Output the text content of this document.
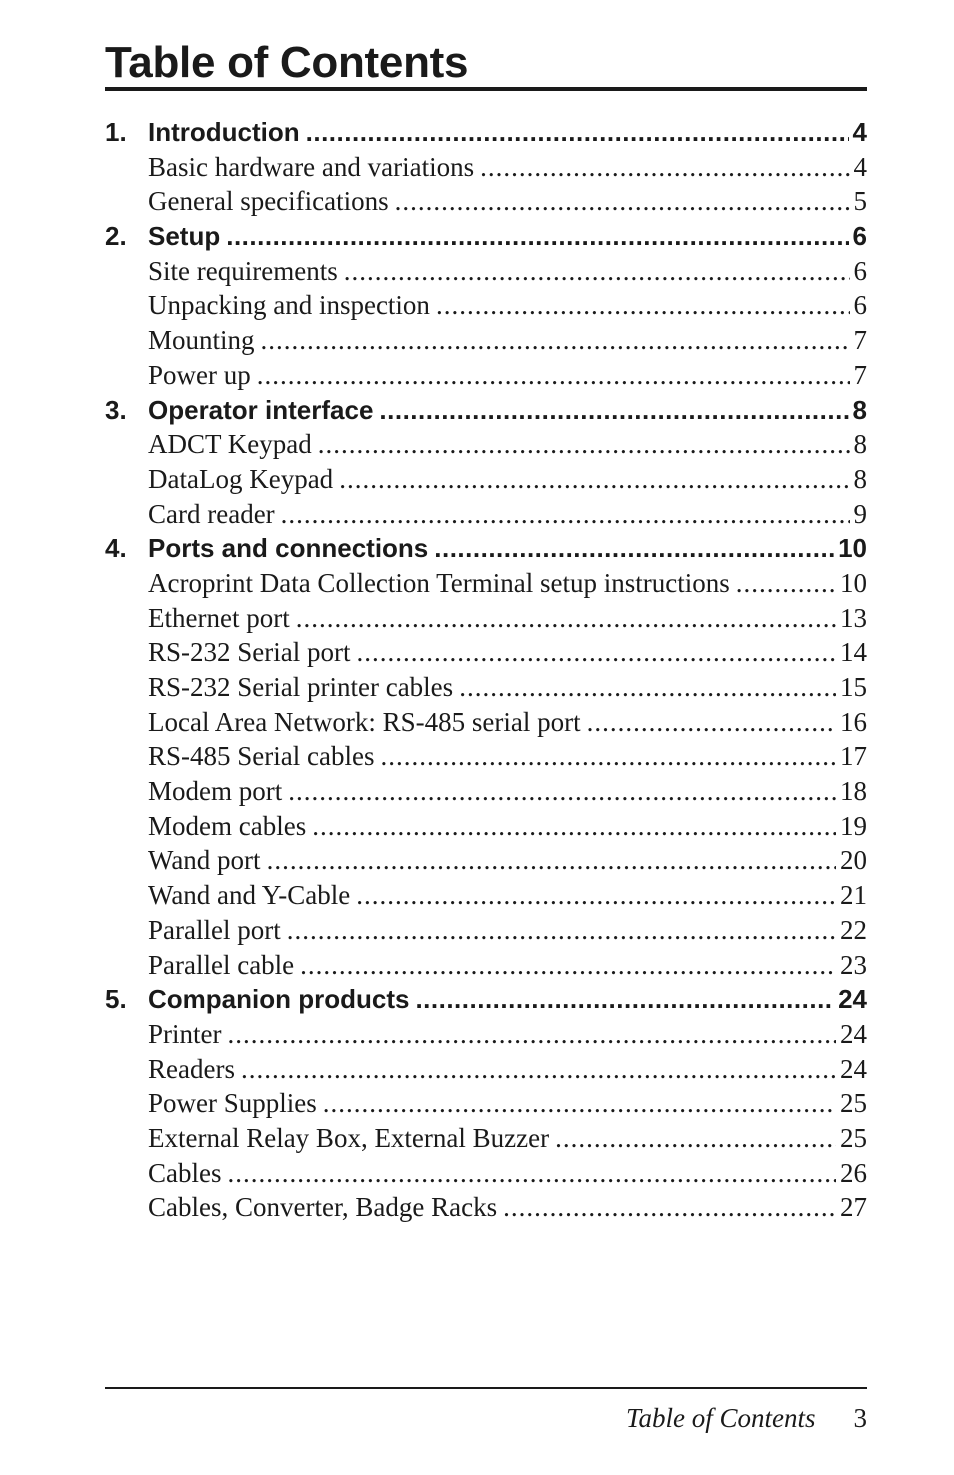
Table of Contents
1. Introduction .....	4
Basic hardware and variations .....	4
General specifications .....	5
2. Setup .....	6
Site requirements .....	6
Unpacking and inspection .....	6
Mounting .....	7
Power up .....	7
3. Operator interface .....	8
ADCT Keypad .....	8
DataLog Keypad .....	8
Card reader .....	9
4. Ports and connections .....	10
Acroprint Data Collection Terminal setup instructions .....	10
Ethernet port .....	13
RS-232 Serial port .....	14
RS-232 Serial printer cables .....	15
Local Area Network: RS-485 serial port .....	16
RS-485 Serial cables .....	17
Modem port .....	18
Modem cables .....	19
Wand port .....	20
Wand and Y-Cable .....	21
Parallel port .....	22
Parallel cable .....	23
5. Companion products .....	24
Printer .....	24
Readers .....	24
Power Supplies .....	25
External Relay Box, External Buzzer .....	25
Cables .....	26
Cables, Converter, Badge Racks .....	27
Table of Contents 3
